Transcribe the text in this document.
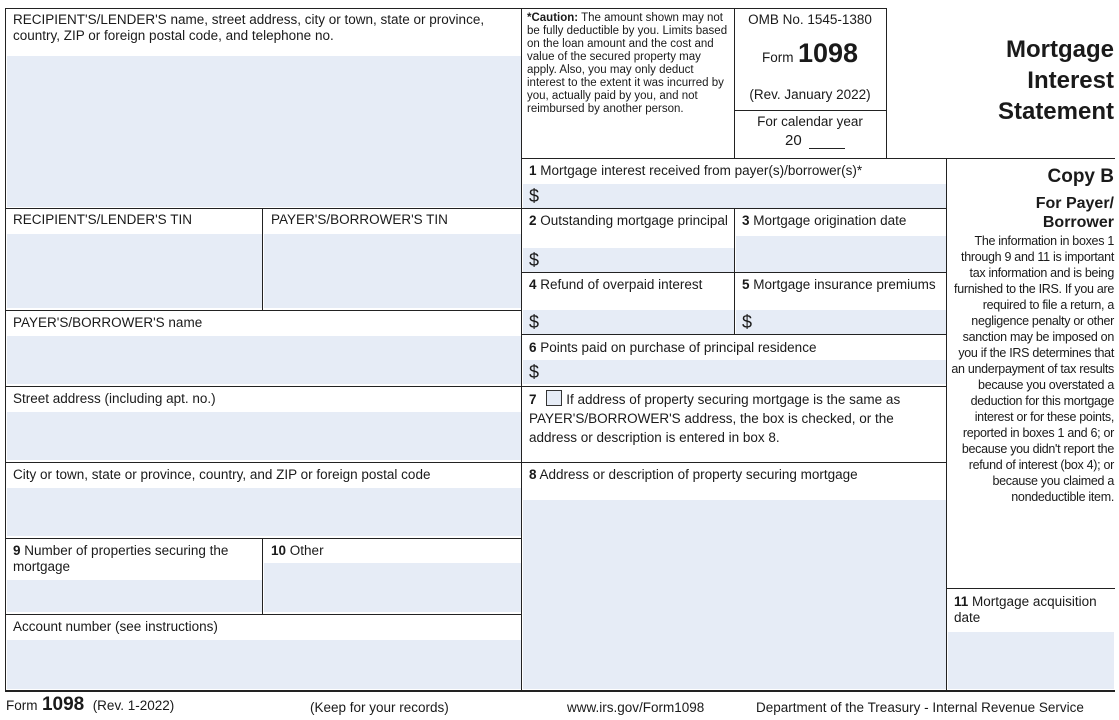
RECIPIENT'S/LENDER'S name, street address, city or town, state or province, country, ZIP or foreign postal code, and telephone no.
RECIPIENT'S/LENDER'S TIN	PAYER'S/BORROWER'S TIN
PAYER'S/BORROWER'S name
Street address (including apt. no.)
City or town, state or province, country, and ZIP or foreign postal code
9 Number of properties securing the mortgage
10 Other
Account number (see instructions)
*Caution: The amount shown may not be fully deductible by you. Limits based on the loan amount and the cost and value of the secured property may apply. Also, you may only deduct interest to the extent it was incurred by you, actually paid by you, and not reimbursed by another person.
OMB No. 1545-1380
Form 1098
(Rev. January 2022)
For calendar year
20
Mortgage
Interest
Statement
1 Mortgage interest received from payer(s)/borrower(s)*
$
2 Outstanding mortgage principal
$
3 Mortgage origination date
4 Refund of overpaid interest
$
5 Mortgage insurance premiums
$
6 Points paid on purchase of principal residence
$
7 If address of property securing mortgage is the same as PAYER'S/BORROWER'S address, the box is checked, or the address or description is entered in box 8.
8 Address or description of property securing mortgage
Copy B
For Payer/
Borrower
The information in boxes 1 through 9 and 11 is important tax information and is being furnished to the IRS. If you are required to file a return, a negligence penalty or other sanction may be imposed on you if the IRS determines that an underpayment of tax results because you overstated a deduction for this mortgage interest or for these points, reported in boxes 1 and 6; or because you didn't report the refund of interest (box 4); or because you claimed a nondeductible item.
11 Mortgage acquisition date
Form 1098 (Rev. 1-2022)	(Keep for your records)	www.irs.gov/Form1098	Department of the Treasury - Internal Revenue Service
